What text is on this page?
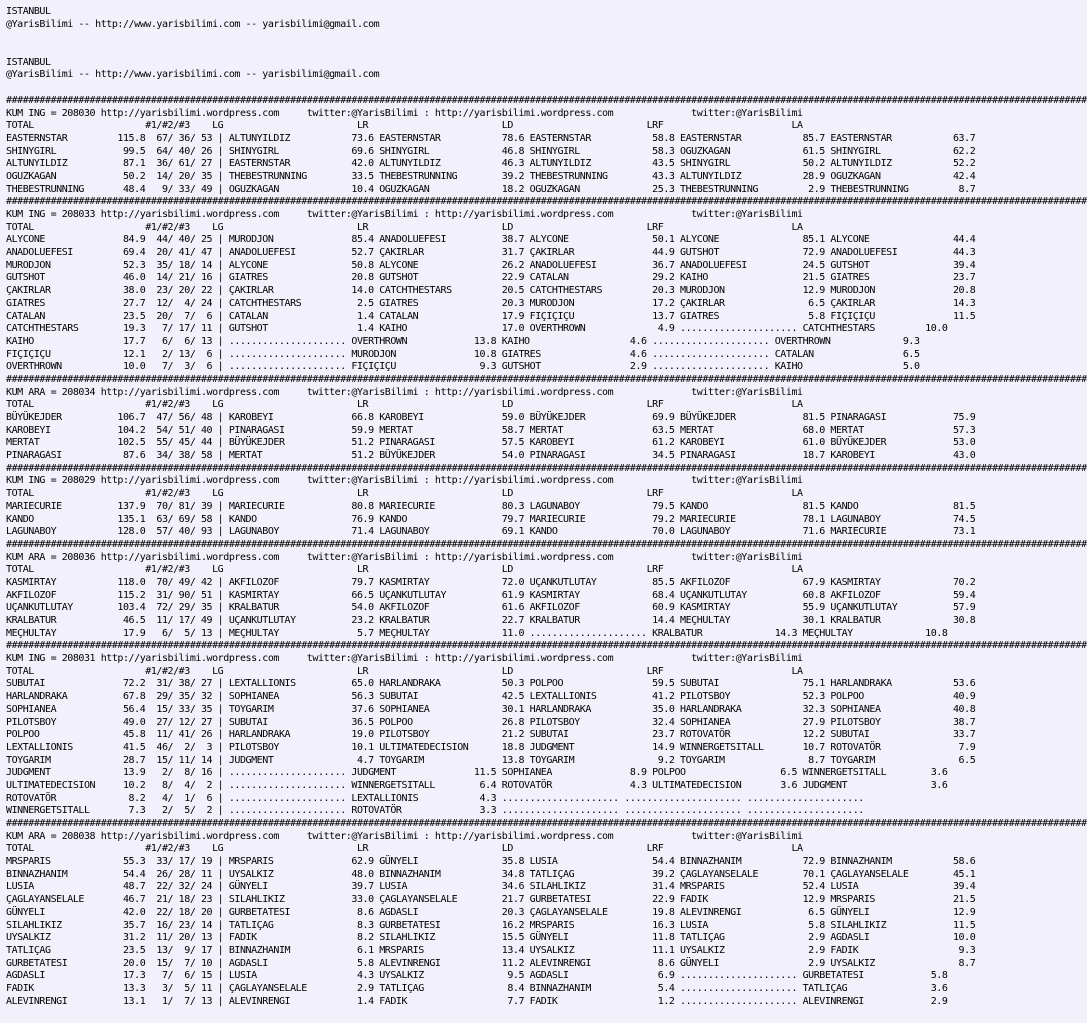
ISTANBUL
@YarisBilimi -- http://www.yarisbilimi.com -- yarisbilimi@gmail.com

ISTANBUL
@YarisBilimi -- http://www.yarisbilimi.com -- yarisbilimi@gmail.com

##################################################################################################################################################################################################
KUM ING = 208030 http://yarisbilimi.wordpress.com     twitter:@YarisBilimi : http://yarisbilimi.wordpress.com              twitter:@YarisBilimi
TOTAL                    #1/#2/#3    LG                        LR                        LD                        LRF                       LA
EASTERNSTAR         115.8  67/ 36/ 53 | ALTUNYILDIZ           73.6 EASTERNSTAR           78.6 EASTERNSTAR           58.8 EASTERNSTAR           85.7 EASTERNSTAR           63.7
SHINYGIRL            99.5  64/ 40/ 26 | SHINYGIRL             69.6 SHINYGIRL             46.8 SHINYGIRL             58.3 OGUZKAGAN             61.5 SHINYGIRL             62.2
ALTUNYILDIZ          87.1  36/ 61/ 27 | EASTERNSTAR           42.0 ALTUNYILDIZ           46.3 ALTUNYILDIZ           43.5 SHINYGIRL             50.2 ALTUNYILDIZ           52.2
OGUZKAGAN            50.2  14/ 20/ 35 | THEBESTRUNNING        33.5 THEBESTRUNNING        39.2 THEBESTRUNNING        43.3 ALTUNYILDIZ           28.9 OGUZKAGAN             42.4
THEBESTRUNNING       48.4   9/ 33/ 49 | OGUZKAGAN             10.4 OGUZKAGAN             18.2 OGUZKAGAN             25.3 THEBESTRUNNING         2.9 THEBESTRUNNING         8.7
##################################################################################################################################################################################################
KUM ING = 208033 http://yarisbilimi.wordpress.com     twitter:@YarisBilimi : http://yarisbilimi.wordpress.com              twitter:@YarisBilimi
TOTAL                    #1/#2/#3    LG                        LR                        LD                        LRF                       LA
ALYCONE              84.9  44/ 40/ 25 | MURODJON              85.4 ANADOLUEFESI          38.7 ALYCONE               50.1 ALYCONE               85.1 ALYCONE               44.4
ANADOLUEFESI         69.4  20/ 41/ 47 | ANADOLUEFESI          52.7 ÇAKIRLAR              31.7 ÇAKIRLAR              44.9 GUTSHOT               72.9 ANADOLUEFESI          44.3
MURODJON             52.3  35/ 18/ 14 | ALYCONE               50.8 ALYCONE               26.2 ANADOLUEFESI          36.7 ANADOLUEFESI          24.5 GUTSHOT               39.4
GUTSHOT              46.0  14/ 21/ 16 | GIATRES               20.8 GUTSHOT               22.9 CATALAN               29.2 KAIHO                 21.5 GIATRES               23.7
ÇAKIRLAR             38.0  23/ 20/ 22 | ÇAKIRLAR              14.0 CATCHTHESTARS         20.5 CATCHTHESTARS         20.3 MURODJON              12.9 MURODJON              20.8
GIATRES              27.7  12/  4/ 24 | CATCHTHESTARS          2.5 GIATRES               20.3 MURODJON              17.2 ÇAKIRLAR               6.5 ÇAKIRLAR              14.3
CATALAN              23.5  20/  7/  6 | CATALAN                1.4 CATALAN               17.9 FIÇIÇIÇU              13.7 GIATRES                5.8 FIÇIÇIÇU              11.5
CATCHTHESTARS        19.3   7/ 17/ 11 | GUTSHOT                1.4 KAIHO                 17.0 OVERTHROWN             4.9 ..................... CATCHTHESTARS         10.0
KAIHO                17.7   6/  6/ 13 | ..................... OVERTHROWN            13.8 KAIHO                  4.6 ..................... OVERTHROWN             9.3
FIÇIÇIÇU             12.1   2/ 13/  6 | ..................... MURODJON              10.8 GIATRES                4.6 ..................... CATALAN                6.5
OVERTHROWN           10.0   7/  3/  6 | ..................... FIÇIÇIÇU               9.3 GUTSHOT                2.9 ..................... KAIHO                  5.0
##################################################################################################################################################################################################
KUM ARA = 208034 http://yarisbilimi.wordpress.com     twitter:@YarisBilimi : http://yarisbilimi.wordpress.com              twitter:@YarisBilimi
TOTAL                    #1/#2/#3    LG                        LR                        LD                        LRF                       LA
BÜYÜKEJDER          106.7  47/ 56/ 48 | KAROBEYI              66.8 KAROBEYI              59.0 BÜYÜKEJDER            69.9 BÜYÜKEJDER            81.5 PINARAGASI            75.9
KAROBEYI            104.2  54/ 51/ 40 | PINARAGASI            59.9 MERTAT                58.7 MERTAT                63.5 MERTAT                68.0 MERTAT                57.3
MERTAT              102.5  55/ 45/ 44 | BÜYÜKEJDER            51.2 PINARAGASI            57.5 KAROBEYI              61.2 KAROBEYI              61.0 BÜYÜKEJDER            53.0
PINARAGASI           87.6  34/ 38/ 58 | MERTAT                51.2 BÜYÜKEJDER            54.0 PINARAGASI            34.5 PINARAGASI            18.7 KAROBEYI              43.0
##################################################################################################################################################################################################
KUM ING = 208029 http://yarisbilimi.wordpress.com     twitter:@YarisBilimi : http://yarisbilimi.wordpress.com              twitter:@YarisBilimi
TOTAL                    #1/#2/#3    LG                        LR                        LD                        LRF                       LA
MARIECURIE          137.9  70/ 81/ 39 | MARIECURIE            80.8 MARIECURIE            80.3 LAGUNABOY             79.5 KANDO                 81.5 KANDO                 81.5
KANDO               135.1  63/ 69/ 58 | KANDO                 76.9 KANDO                 79.7 MARIECURIE            79.2 MARIECURIE            78.1 LAGUNABOY             74.5
LAGUNABOY           128.0  57/ 40/ 93 | LAGUNABOY             71.4 LAGUNABOY             69.1 KANDO                 70.0 LAGUNABOY             71.6 MARIECURIE            73.1
##################################################################################################################################################################################################
KUM ARA = 208036 http://yarisbilimi.wordpress.com     twitter:@YarisBilimi : http://yarisbilimi.wordpress.com              twitter:@YarisBilimi
TOTAL                    #1/#2/#3    LG                        LR                        LD                        LRF                       LA
KASMIRTAY           118.0  70/ 49/ 42 | AKFILOZOF             79.7 KASMIRTAY             72.0 UÇANKUTLUTAY          85.5 AKFILOZOF             67.9 KASMIRTAY             70.2
AKFILOZOF           115.2  31/ 90/ 51 | KASMIRTAY             66.5 UÇANKUTLUTAY          61.9 KASMIRTAY             68.4 UÇANKUTLUTAY          60.8 AKFILOZOF             59.4
UÇANKUTLUTAY        103.4  72/ 29/ 35 | KRALBATUR             54.0 AKFILOZOF             61.6 AKFILOZOF             60.9 KASMIRTAY             55.9 UÇANKUTLUTAY          57.9
KRALBATUR            46.5  11/ 17/ 49 | UÇANKUTLUTAY          23.2 KRALBATUR             22.7 KRALBATUR             14.4 MEÇHULTAY             30.1 KRALBATUR             30.8
MEÇHULTAY            17.9   6/  5/ 13 | MEÇHULTAY              5.7 MEÇHULTAY             11.0 ..................... KRALBATUR             14.3 MEÇHULTAY             10.8
##################################################################################################################################################################################################
KUM ING = 208031 http://yarisbilimi.wordpress.com     twitter:@YarisBilimi : http://yarisbilimi.wordpress.com              twitter:@YarisBilimi
TOTAL                    #1/#2/#3    LG                        LR                        LD                        LRF                       LA
SUBUTAI              72.2  31/ 38/ 27 | LEXTALLIONIS          65.0 HARLANDRAKA           50.3 POLPOO                59.5 SUBUTAI               75.1 HARLANDRAKA           53.6
HARLANDRAKA          67.8  29/ 35/ 32 | SOPHIANEA             56.3 SUBUTAI               42.5 LEXTALLIONIS          41.2 PILOTSBOY             52.3 POLPOO                40.9
SOPHIANEA            56.4  15/ 33/ 35 | TOYGARIM              37.6 SOPHIANEA             30.1 HARLANDRAKA           35.0 HARLANDRAKA           32.3 SOPHIANEA             40.8
PILOTSBOY            49.0  27/ 12/ 27 | SUBUTAI               36.5 POLPOO                26.8 PILOTSBOY             32.4 SOPHIANEA             27.9 PILOTSBOY             38.7
POLPOO               45.8  11/ 41/ 26 | HARLANDRAKA           19.0 PILOTSBOY             21.2 SUBUTAI               23.7 ROTOVATÖR             12.2 SUBUTAI               33.7
LEXTALLIONIS         41.5  46/  2/  3 | PILOTSBOY             10.1 ULTIMATEDECISION      18.8 JUDGMENT              14.9 WINNERGETSITALL       10.7 ROTOVATÖR              7.9
TOYGARIM             28.7  15/ 11/ 14 | JUDGMENT               4.7 TOYGARIM              13.8 TOYGARIM               9.2 TOYGARIM               8.7 TOYGARIM               6.5
JUDGMENT             13.9   2/  8/ 16 | ..................... JUDGMENT              11.5 SOPHIANEA              8.9 POLPOO                 6.5 WINNERGETSITALL        3.6
ULTIMATEDECISION     10.2   8/  4/  2 | ..................... WINNERGETSITALL        6.4 ROTOVATÖR              4.3 ULTIMATEDECISION       3.6 JUDGMENT               3.6
ROTOVATÖR             8.2   4/  1/  6 | ..................... LEXTALLIONIS           4.3 ..................... ..................... .....................
WINNERGETSITALL       7.3   2/  5/  2 | ..................... ROTOVATÖR              3.3 ..................... ..................... .....................
##################################################################################################################################################################################################
KUM ARA = 208038 http://yarisbilimi.wordpress.com     twitter:@YarisBilimi : http://yarisbilimi.wordpress.com              twitter:@YarisBilimi
TOTAL                    #1/#2/#3    LG                        LR                        LD                        LRF                       LA
MRSPARIS             55.3  33/ 17/ 19 | MRSPARIS              62.9 GÜNYELI               35.8 LUSIA                 54.4 BINNAZHANIM           72.9 BINNAZHANIM           58.6
BINNAZHANIM          54.4  26/ 28/ 11 | UYSALKIZ              48.0 BINNAZHANIM           34.8 TATLIÇAG              39.2 ÇAGLAYANSELALE        70.1 ÇAGLAYANSELALE        45.1
LUSIA                48.7  22/ 32/ 24 | GÜNYELI               39.7 LUSIA                 34.6 SILAHLIKIZ            31.4 MRSPARIS              52.4 LUSIA                 39.4
ÇAGLAYANSELALE       46.7  21/ 18/ 23 | SILAHLIKIZ            33.0 ÇAGLAYANSELALE        21.7 GURBETATESI           22.9 FADIK                 12.9 MRSPARIS              21.5
GÜNYELI              42.0  22/ 18/ 20 | GURBETATESI            8.6 AGDASLI               20.3 ÇAGLAYANSELALE        19.8 ALEVINRENGI            6.5 GÜNYELI               12.9
SILAHLIKIZ           35.7  16/ 23/ 14 | TATLIÇAG               8.3 GURBETATESI           16.2 MRSPARIS              16.3 LUSIA                  5.8 SILAHLIKIZ            11.5
UYSALKIZ             31.2  11/ 20/ 13 | FADIK                  8.2 SILAHLIKIZ            15.5 GÜNYELI               11.8 TATLIÇAG               2.9 AGDASLI               10.0
TATLIÇAG             23.5  13/  9/ 17 | BINNAZHANIM            6.1 MRSPARIS              13.4 UYSALKIZ              11.1 UYSALKIZ               2.9 FADIK                  9.3
GURBETATESI          20.0  15/  7/ 10 | AGDASLI                5.8 ALEVINRENGI           11.2 ALEVINRENGI            8.6 GÜNYELI                2.9 UYSALKIZ               8.7
AGDASLI              17.3   7/  6/ 15 | LUSIA                  4.3 UYSALKIZ               9.5 AGDASLI                6.9 ..................... GURBETATESI            5.8
FADIK                13.3   3/  5/ 11 | ÇAGLAYANSELALE         2.9 TATLIÇAG               8.4 BINNAZHANIM            5.4 ..................... TATLIÇAG               3.6
ALEVINRENGI          13.1   1/  7/ 13 | ALEVINRENGI            1.4 FADIK                  7.7 FADIK                  1.2 ..................... ALEVINRENGI            2.9
